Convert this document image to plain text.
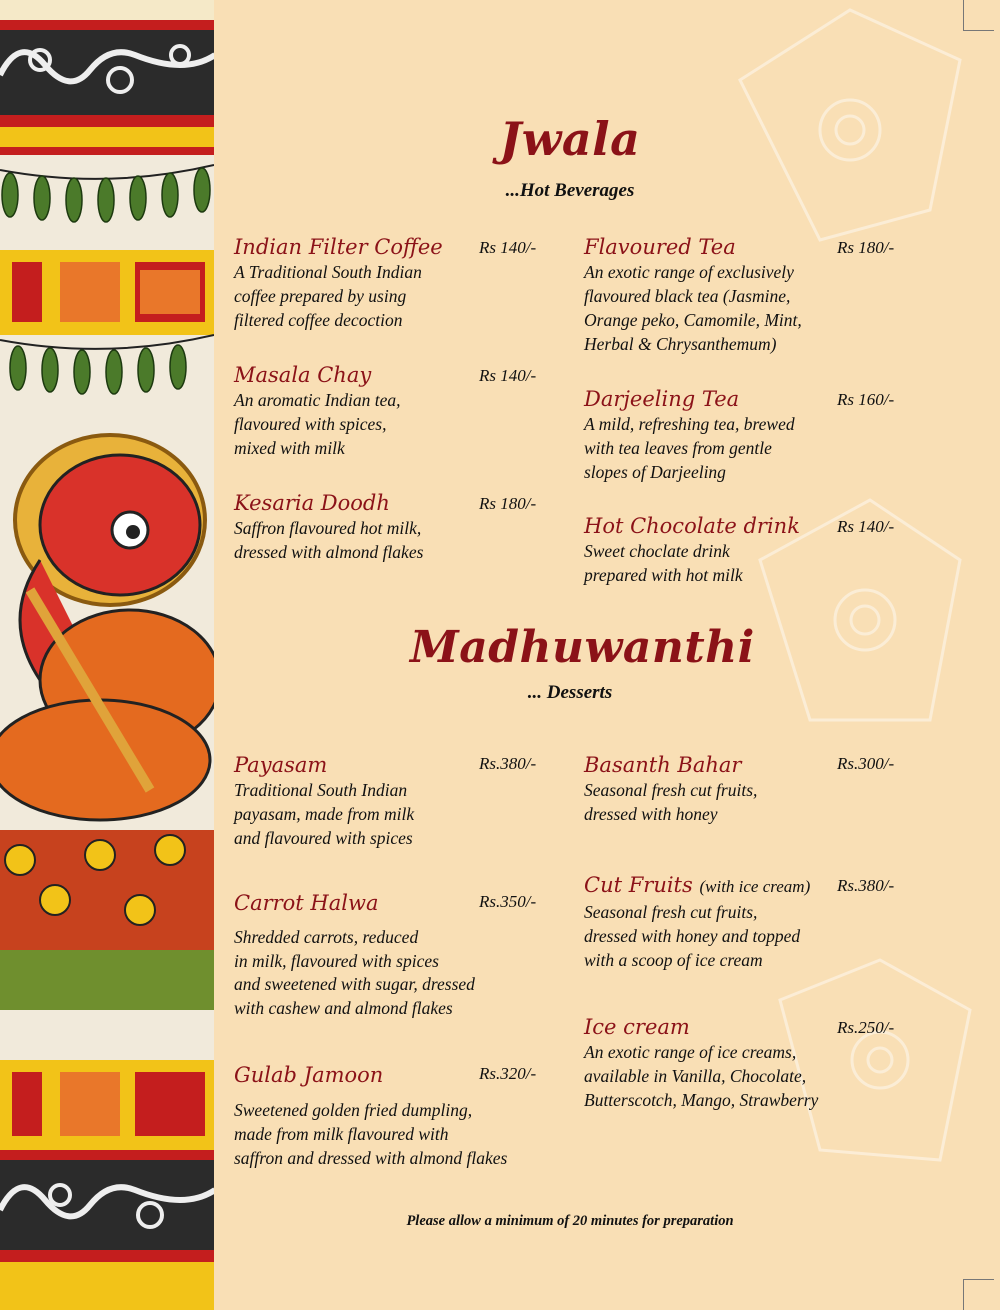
Jwala
...Hot Beverages
Indian Filter Coffee	Rs 140/-
A Traditional South Indian
coffee prepared by using
filtered coffee decoction
Masala Chay	Rs 140/-
An aromatic Indian tea,
flavoured with spices,
mixed with milk
Kesaria Doodh	Rs 180/-
Saffron flavoured hot milk,
dressed with almond flakes
Flavoured Tea	Rs 180/-
An exotic range of exclusively
flavoured black tea (Jasmine,
Orange peko, Camomile, Mint,
Herbal & Chrysanthemum)
Darjeeling Tea	Rs 160/-
A mild, refreshing tea, brewed
with tea leaves from gentle
slopes of Darjeeling
Hot Chocolate drink	Rs 140/-
Sweet choclate drink
prepared with hot milk
Madhuwanthi
... Desserts
Payasam	Rs.380/-
Traditional South Indian
payasam, made from milk
and flavoured with spices
Carrot Halwa	Rs.350/-
Shredded carrots, reduced
in milk, flavoured with spices
and sweetened with sugar, dressed
with cashew and almond flakes
Gulab Jamoon	Rs.320/-
Sweetened golden fried dumpling,
made from milk flavoured with
saffron and dressed with almond flakes
Basanth Bahar	Rs.300/-
Seasonal fresh cut fruits,
dressed with honey
Cut Fruits (with ice cream)	Rs.380/-
Seasonal fresh cut fruits,
dressed with honey and topped
with a scoop of ice cream
Ice cream	Rs.250/-
An exotic range of ice creams,
available in Vanilla, Chocolate,
Butterscotch, Mango, Strawberry
Please allow a minimum of 20 minutes for preparation
